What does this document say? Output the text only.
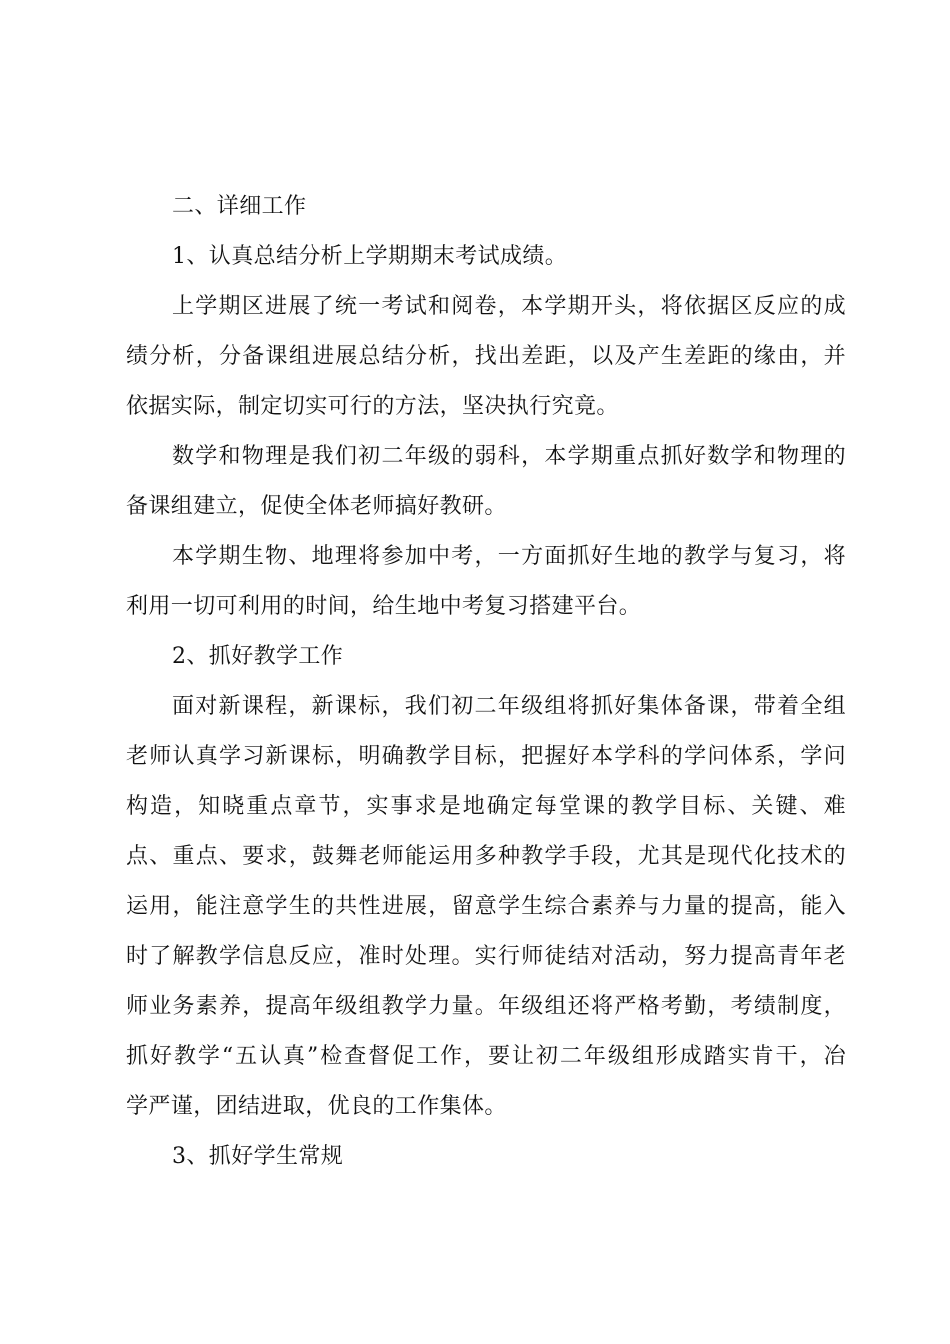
二、详细工作
1、认真总结分析上学期期末考试成绩。
上学期区进展了统一考试和阅卷，本学期开头，将依据区反应的成
绩分析，分备课组进展总结分析，找出差距，以及产生差距的缘由，并
依据实际，制定切实可行的方法，坚决执行究竟。
数学和物理是我们初二年级的弱科，本学期重点抓好数学和物理的
备课组建立，促使全体老师搞好教研。
本学期生物、地理将参加中考，一方面抓好生地的教学与复习，将
利用一切可利用的时间，给生地中考复习搭建平台。
2、抓好教学工作
面对新课程，新课标，我们初二年级组将抓好集体备课，带着全组
老师认真学习新课标，明确教学目标，把握好本学科的学问体系，学问
构造，知晓重点章节，实事求是地确定每堂课的教学目标、关键、难
点、重点、要求，鼓舞老师能运用多种教学手段，尤其是现代化技术的
运用，能注意学生的共性进展，留意学生综合素养与力量的提高，能入
时了解教学信息反应，准时处理。实行师徒结对活动，努力提高青年老
师业务素养，提高年级组教学力量。年级组还将严格考勤，考绩制度，
抓好教学“五认真”检查督促工作，要让初二年级组形成踏实肯干，冶
学严谨，团结进取，优良的工作集体。
3、抓好学生常规
